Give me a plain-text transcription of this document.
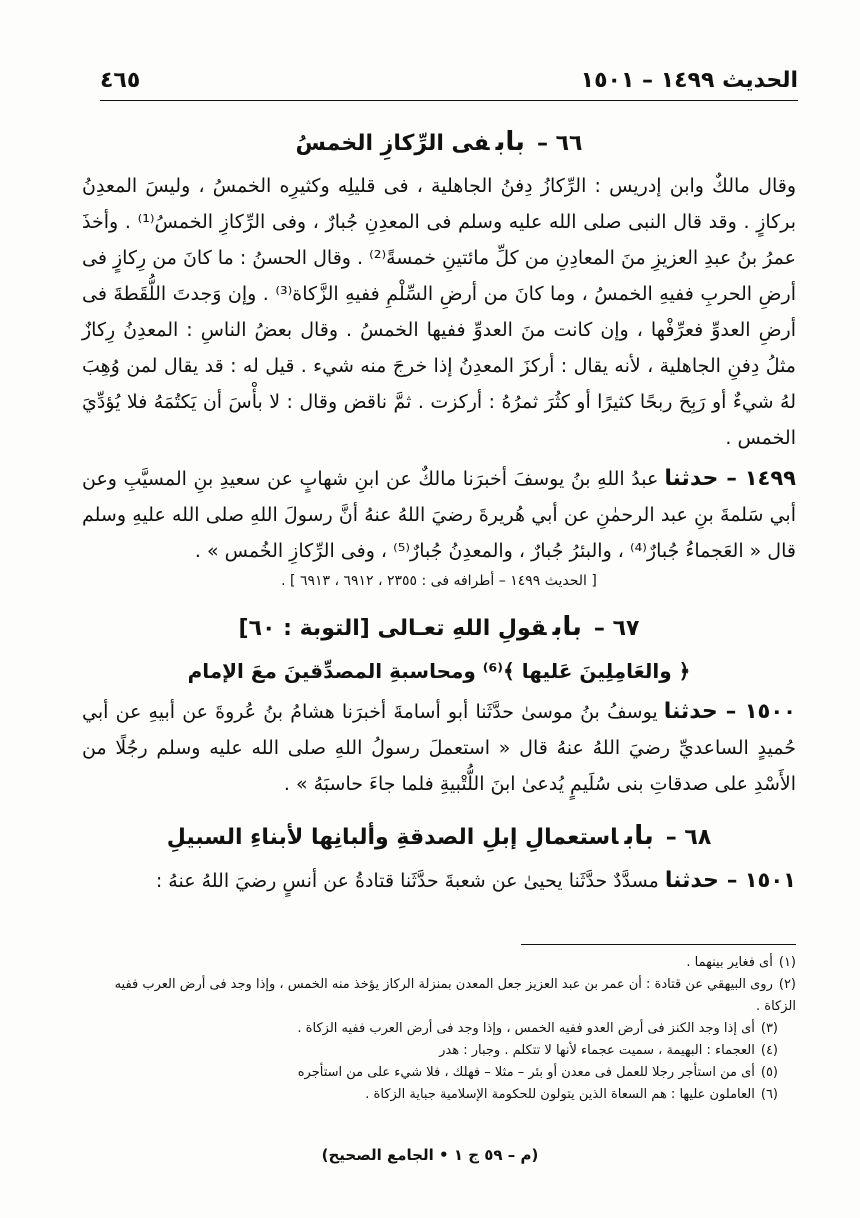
الحديث ١٤٩٩ – ١٥٠١
٤٦٥
٦٦ –بابفى الرِّكازِ الخمسُ

وقال مالكٌ وابن إدريس : الرِّكازُ دِفنُ الجاهلية ، فى قليلِه وكثيرِه الخمسُ ، وليسَ المعدِنُ بركازٍ . وقد قال النبى صلى الله عليه وسلم فى المعدِنِ جُبارٌ ، وفى الرِّكازِ الخمسُ⁽¹⁾ . وأخذَ عمرُ بنُ عبدِ العزيزِ منَ المعادِنِ من كلِّ مائتينِ خمسةً⁽²⁾ . وقال الحسنُ : ما كانَ من رِكازٍ فى أرضِ الحربِ ففيهِ الخمسُ ، وما كانَ من أرضِ السِّلْمِ ففيهِ الزَّكاة⁽³⁾ . وإن وَجدتَ اللُّقَطةَ فى أرضِ العدوِّ فعرِّفْها ، وإن كانت منَ العدوِّ ففيها الخمسُ . وقال بعضُ الناسِ : المعدِنُ رِكازٌ مثلُ دِفنِ الجاهلية ، لأنه يقال : أركزَ المعدِنُ إذا خرجَ منه شيء . قيل له : قد يقال لمن وُهِبَ لهُ شيءٌ أو رَبِحَ ربحًا كثيرًا أو كثُرَ ثمرُهُ : أركزت . ثمَّ ناقض وقال : لا بأْسَ أن يَكتُمَهُ فلا يُؤدِّيَ الخمس .

١٤٩٩ –حدثناعبدُ اللهِ بنُ يوسفَ أخبرَنا مالكٌ عن ابنِ شهابٍ عن سعيدِ بنِ المسيَّبِ وعن أبي سَلمةَ بنِ عبد الرحمٰنِ عن أبي هُريرةَ رضيَ اللهُ عنهُ أنَّ رسولَ اللهِ صلى الله عليهِ وسلم قال « العَجماءُ جُبارٌ⁽⁴⁾ ، والبئرُ جُبارٌ ، والمعدِنُ جُبارٌ⁽⁵⁾ ، وفى الرِّكازِ الخُمس » .

[ الحديث ١٤٩٩ – أطرافه فى : ٢٣٥٥ ، ٦٩١٢ ، ٦٩١٣ ] .
٦٧ –بابقولِ اللهِ تعـالى [التوبة : ٦٠]
﴿ والعَامِلِينَ عَليها ﴾⁽⁶⁾ ومحاسبةِ المصدِّقينَ معَ الإمام

١٥٠٠ –حدثنايوسفُ بنُ موسىٰ حدَّثَنا أبو أسامةَ أخبرَنا هشامُ بنُ عُروةَ عن أبيهِ عن أبي حُميدٍ الساعديِّ رضيَ اللهُ عنهُ قال « استعملَ رسولُ اللهِ صلى الله عليه وسلم رجُلًا من الأَسْدِ على صدقاتِ بنى سُلَيمٍ يُدعىٰ ابنَ اللُّتْبيةِ فلما جاءَ حاسبَهُ » .

٦٨ –باباستعمالِ إبلِ الصدقةِ وألبانِها لأبناءِ السبيلِ

١٥٠١ –حدثنامسدَّدٌ حدَّثَنا يحيىٰ عن شعبةَ حدَّثَنا قتادةُ عن أنسٍ رضيَ اللهُ عنهُ :

(١)أى فغاير بينهما .
(٢)روى البيهقي عن قتادة : أن عمر بن عبد العزيز جعل المعدن بمنزلة الركاز يؤخذ منه الخمس ، وإذا وجد فى أرض العرب ففيه الزكاة .
(٣)أى إذا وجد الكنز فى أرض العدو ففيه الخمس ، وإذا وجد فى أرض العرب ففيه الزكاة .
(٤)العجماء : البهيمة ، سميت عجماء لأنها لا تتكلم . وجبار : هدر
(٥)أى من استأجر رجلا للعمل فى معدن أو بئر – مثلا – فهلك ، فلا شيء على من استأجره
(٦)العاملون عليها : هم السعاة الذين يتولون للحكومة الإسلامية جباية الزكاة .
(م – ٥٩ ج ١ • الجامع الصحيح)
